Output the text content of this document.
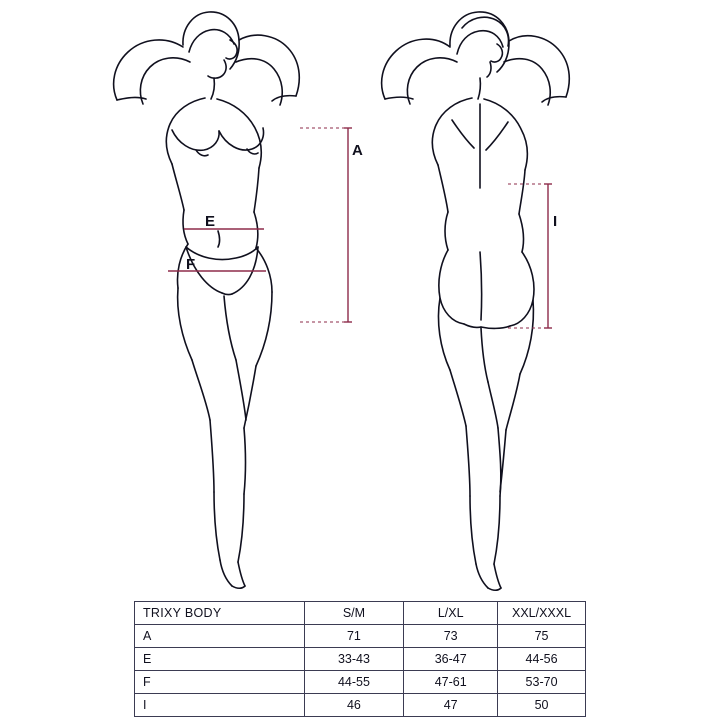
A
E
F
I
TRIXY BODY	S/M	L/XL	XXL/XXXL
A	71	73	75
E	33-43	36-47	44-56
F	44-55	47-61	53-70
I	46	47	50
